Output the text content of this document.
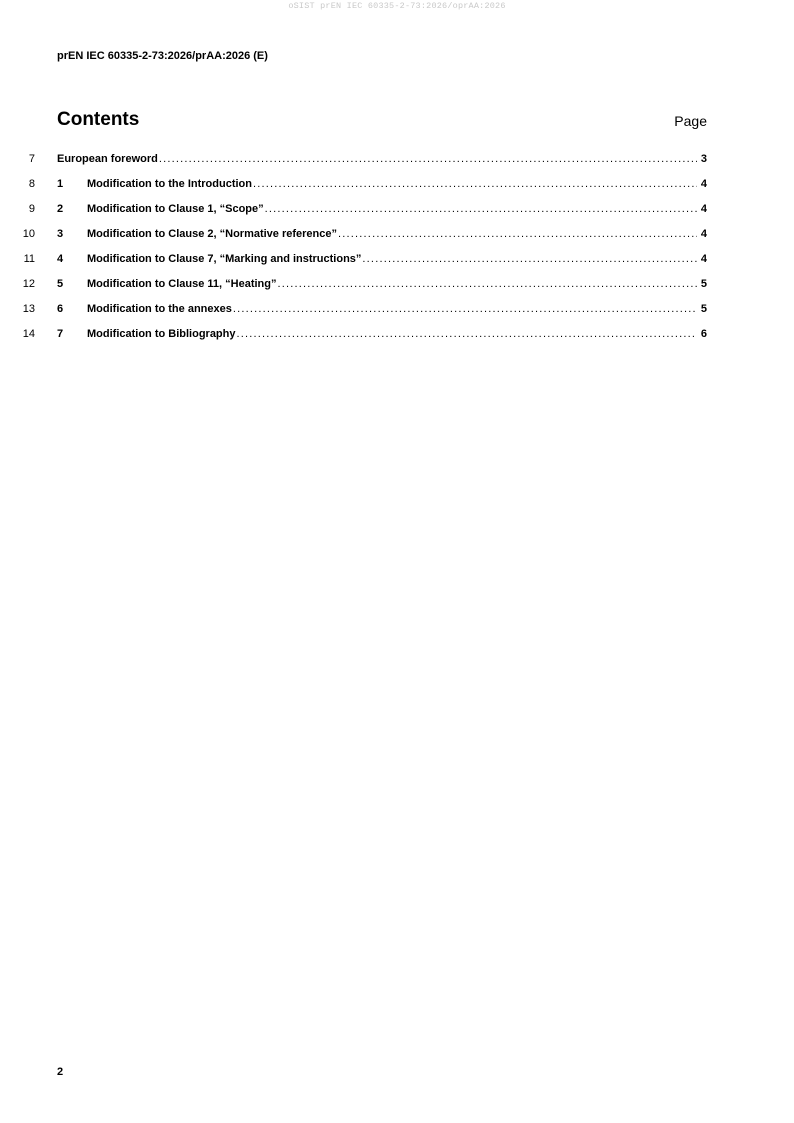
oSIST prEN IEC 60335-2-73:2026/oprAA:2026
prEN IEC 60335-2-73:2026/prAA:2026 (E)
Contents	Page
7 European foreword .....	3
8 1	Modification to the Introduction .....	4
9 2	Modification to Clause 1, “Scope” .....	4
10 3	Modification to Clause 2, “Normative reference” .....	4
11 4	Modification to Clause 7, “Marking and instructions” .....	4
12 5	Modification to Clause 11, “Heating” .....	5
13 6	Modification to the annexes .....	5
14 7	Modification to Bibliography .....	6
2
